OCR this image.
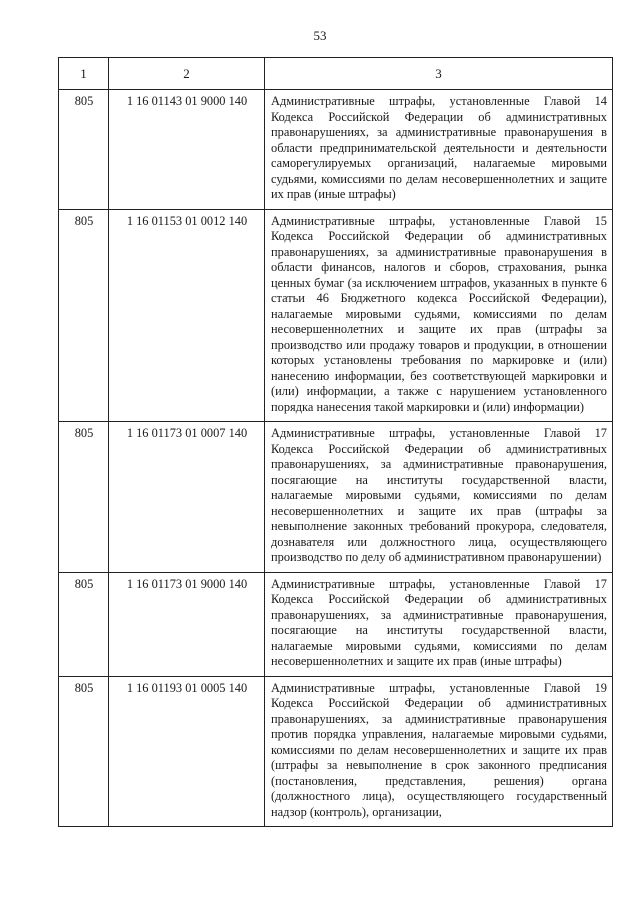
53
1	2	3
805	1 16 01143 01 9000 140	Административные штрафы, установленные Главой 14 Кодекса Российской Федерации об административных правонарушениях, за административные правонарушения в области предпринимательской деятельности и деятельности саморегулируемых организаций, налагаемые мировыми судьями, комиссиями по делам несовершеннолетних и защите их прав (иные штрафы)
805	1 16 01153 01 0012 140	Административные штрафы, установленные Главой 15 Кодекса Российской Федерации об административных правонарушениях, за административные правонарушения в области финансов, налогов и сборов, страхования, рынка ценных бумаг (за исключением штрафов, указанных в пункте 6 статьи 46 Бюджетного кодекса Российской Федерации), налагаемые мировыми судьями, комиссиями по делам несовершеннолетних и защите их прав (штрафы за производство или продажу товаров и продукции, в отношении которых установлены требования по маркировке и (или) нанесению информации, без соответствующей маркировки и (или) информации, а также с нарушением установленного порядка нанесения такой маркировки и (или) информации)
805	1 16 01173 01 0007 140	Административные штрафы, установленные Главой 17 Кодекса Российской Федерации об административных правонарушениях, за административные правонарушения, посягающие на институты государственной власти, налагаемые мировыми судьями, комиссиями по делам несовершеннолетних и защите их прав (штрафы за невыполнение законных требований прокурора, следователя, дознавателя или должностного лица, осуществляющего производство по делу об административном правонарушении)
805	1 16 01173 01 9000 140	Административные штрафы, установленные Главой 17 Кодекса Российской Федерации об административных правонарушениях, за административные правонарушения, посягающие на институты государственной власти, налагаемые мировыми судьями, комиссиями по делам несовершеннолетних и защите их прав (иные штрафы)
805	1 16 01193 01 0005 140	Административные штрафы, установленные Главой 19 Кодекса Российской Федерации об административных правонарушениях, за административные правонарушения против порядка управления, налагаемые мировыми судьями, комиссиями по делам несовершеннолетних и защите их прав (штрафы за невыполнение в срок законного предписания (постановления, представления, решения) органа (должностного лица), осуществляющего государственный надзор (контроль), организации,
